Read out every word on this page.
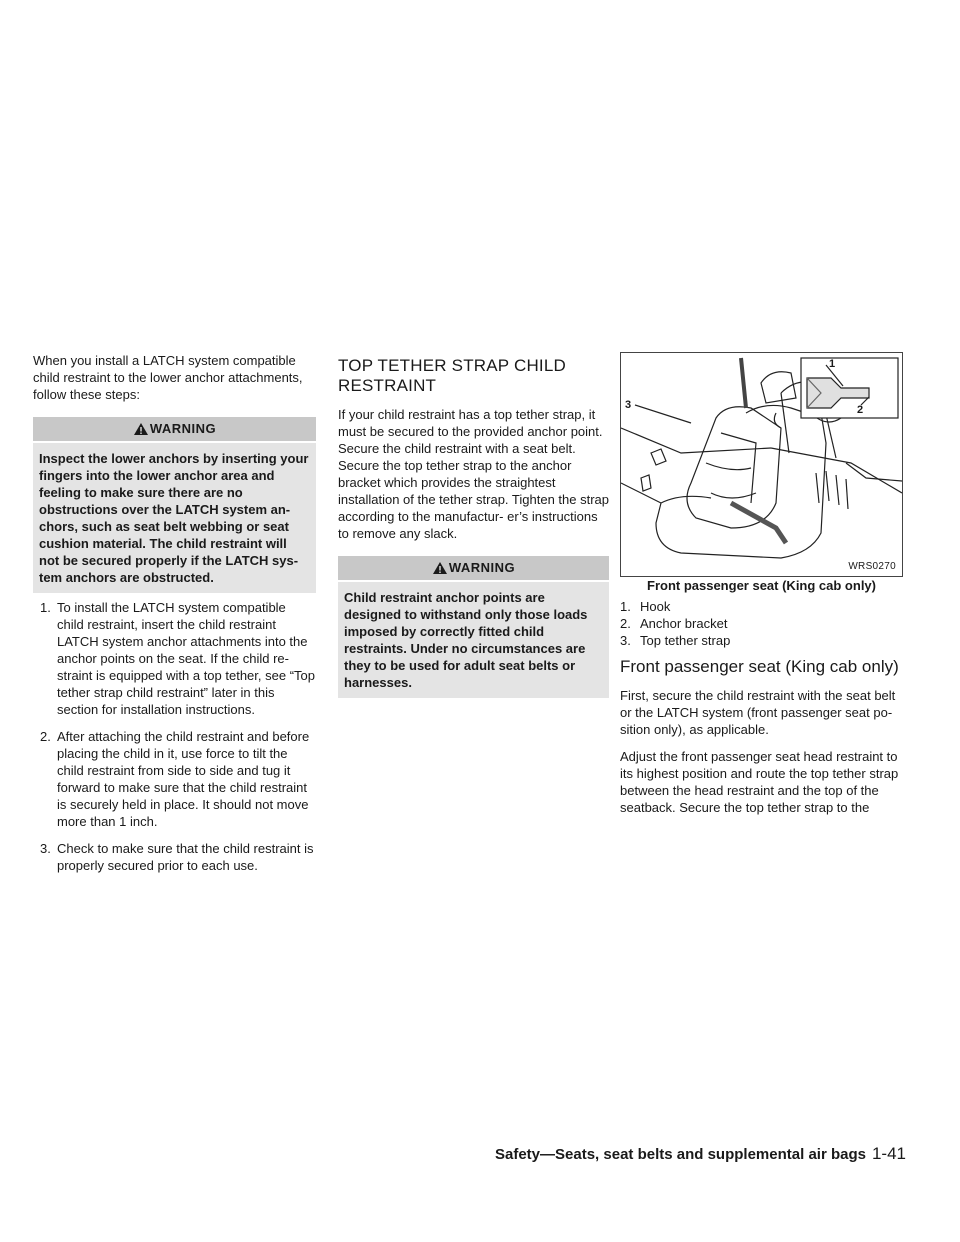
When you install a LATCH system compatible child restraint to the lower anchor attachments, follow these steps:

WARNING
Inspect the lower anchors by inserting your fingers into the lower anchor area and feeling to make sure there are no obstructions over the LATCH system an- chors, such as seat belt webbing or seat cushion material. The child restraint will not be secured properly if the LATCH sys- tem anchors are obstructed.
1. To install the LATCH system compatible child restraint, insert the child restraint LATCH system anchor attachments into the anchor points on the seat. If the child re- straint is equipped with a top tether, see “Top tether strap child restraint” later in this section for installation instructions.
2. After attaching the child restraint and before placing the child in it, use force to tilt the child restraint from side to side and tug it forward to make sure that the child restraint is securely held in place. It should not move more than 1 inch.
3. Check to make sure that the child restraint is properly secured prior to each use.
TOP TETHER STRAP CHILD RESTRAINT

If your child restraint has a top tether strap, it must be secured to the provided anchor point. Secure the child restraint with a seat belt. Secure the top tether strap to the anchor bracket which provides the straightest installation of the tether strap. Tighten the strap according to the manufactur- er’s instructions to remove any slack.

WARNING
Child restraint anchor points are designed to withstand only those loads imposed by correctly fitted child restraints. Under no circumstances are they to be used for adult seat belts or harnesses.
1
2
3
WRS0270
Front passenger seat (King cab only)
1. Hook
2. Anchor bracket
3. Top tether strap
Front passenger seat (King cab only)

First, secure the child restraint with the seat belt or the LATCH system (front passenger seat po- sition only), as applicable.

Adjust the front passenger seat head restraint to its highest position and route the top tether strap between the head restraint and the top of the seatback. Secure the top tether strap to the

Safety—Seats, seat belts and supplemental air bags 1-41
